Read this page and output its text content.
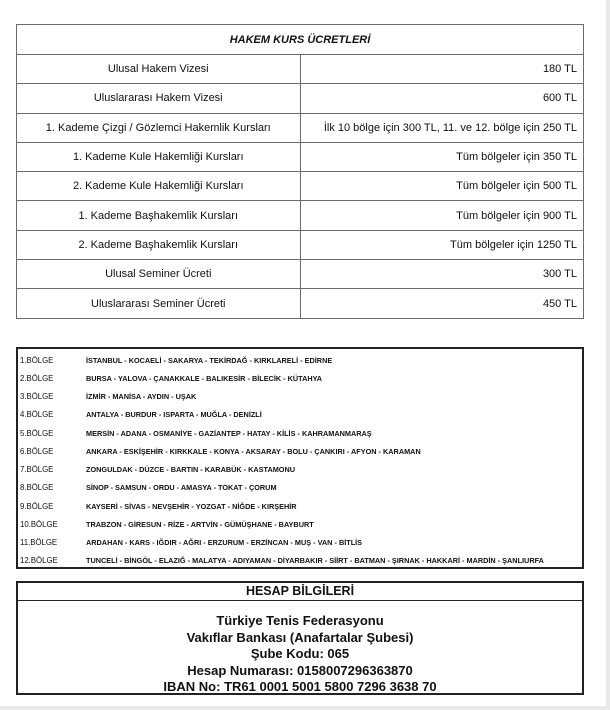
HAKEM KURS ÜCRETLERİ	
Ulusal Hakem Vizesi	180 TL
Uluslararası Hakem Vizesi	600 TL
1. Kademe Çizgi / Gözlemci Hakemlik Kursları	İlk 10 bölge için 300 TL, 11. ve 12. bölge için 250 TL
1. Kademe Kule Hakemliği Kursları	Tüm bölgeler için 350 TL
2. Kademe Kule Hakemliği Kursları	Tüm bölgeler için 500 TL
1. Kademe Başhakemlik Kursları	Tüm bölgeler için 900 TL
2. Kademe Başhakemlik Kursları	Tüm bölgeler için 1250 TL
Ulusal Seminer Ücreti	300 TL
Uluslararası Seminer Ücreti	450 TL
1.BÖLGE	İSTANBUL - KOCAELİ - SAKARYA - TEKİRDAĞ - KIRKLARELİ - EDİRNE
2.BÖLGE	BURSA - YALOVA - ÇANAKKALE - BALIKESİR - BİLECİK - KÜTAHYA
3.BÖLGE	İZMİR - MANİSA - AYDIN - UŞAK
4.BÖLGE	ANTALYA - BURDUR - ISPARTA - MUĞLA - DENİZLİ
5.BÖLGE	MERSİN - ADANA - OSMANİYE - GAZİANTEP - HATAY - KİLİS - KAHRAMANMARAŞ
6.BÖLGE	ANKARA - ESKİŞEHİR - KIRKKALE - KONYA - AKSARAY - BOLU - ÇANKIRI - AFYON - KARAMAN
7.BÖLGE	ZONGULDAK - DÜZCE - BARTIN - KARABÜK - KASTAMONU
8.BÖLGE	SİNOP - SAMSUN - ORDU - AMASYA - TOKAT - ÇORUM
9.BÖLGE	KAYSERİ - SİVAS - NEVŞEHİR - YOZGAT - NİĞDE - KIRŞEHİR
10.BÖLGE	TRABZON - GİRESUN - RİZE - ARTVİN - GÜMÜŞHANE - BAYBURT
11.BÖLGE	ARDAHAN - KARS - IĞDIR - AĞRI - ERZURUM - ERZİNCAN - MUŞ - VAN - BİTLİS
12.BÖLGE	TUNCELİ - BİNGÖL - ELAZIĞ - MALATYA - ADIYAMAN - DİYARBAKIR - SİİRT - BATMAN - ŞIRNAK - HAKKARİ - MARDİN - ŞANLIURFA
HESAP BİLGİLERİ
Türkiye Tenis Federasyonu
Vakıflar Bankası (Anafartalar Şubesi)
Şube Kodu: 065
Hesap Numarası: 0158007296363870
IBAN No: TR61 0001 5001 5800 7296 3638 70
